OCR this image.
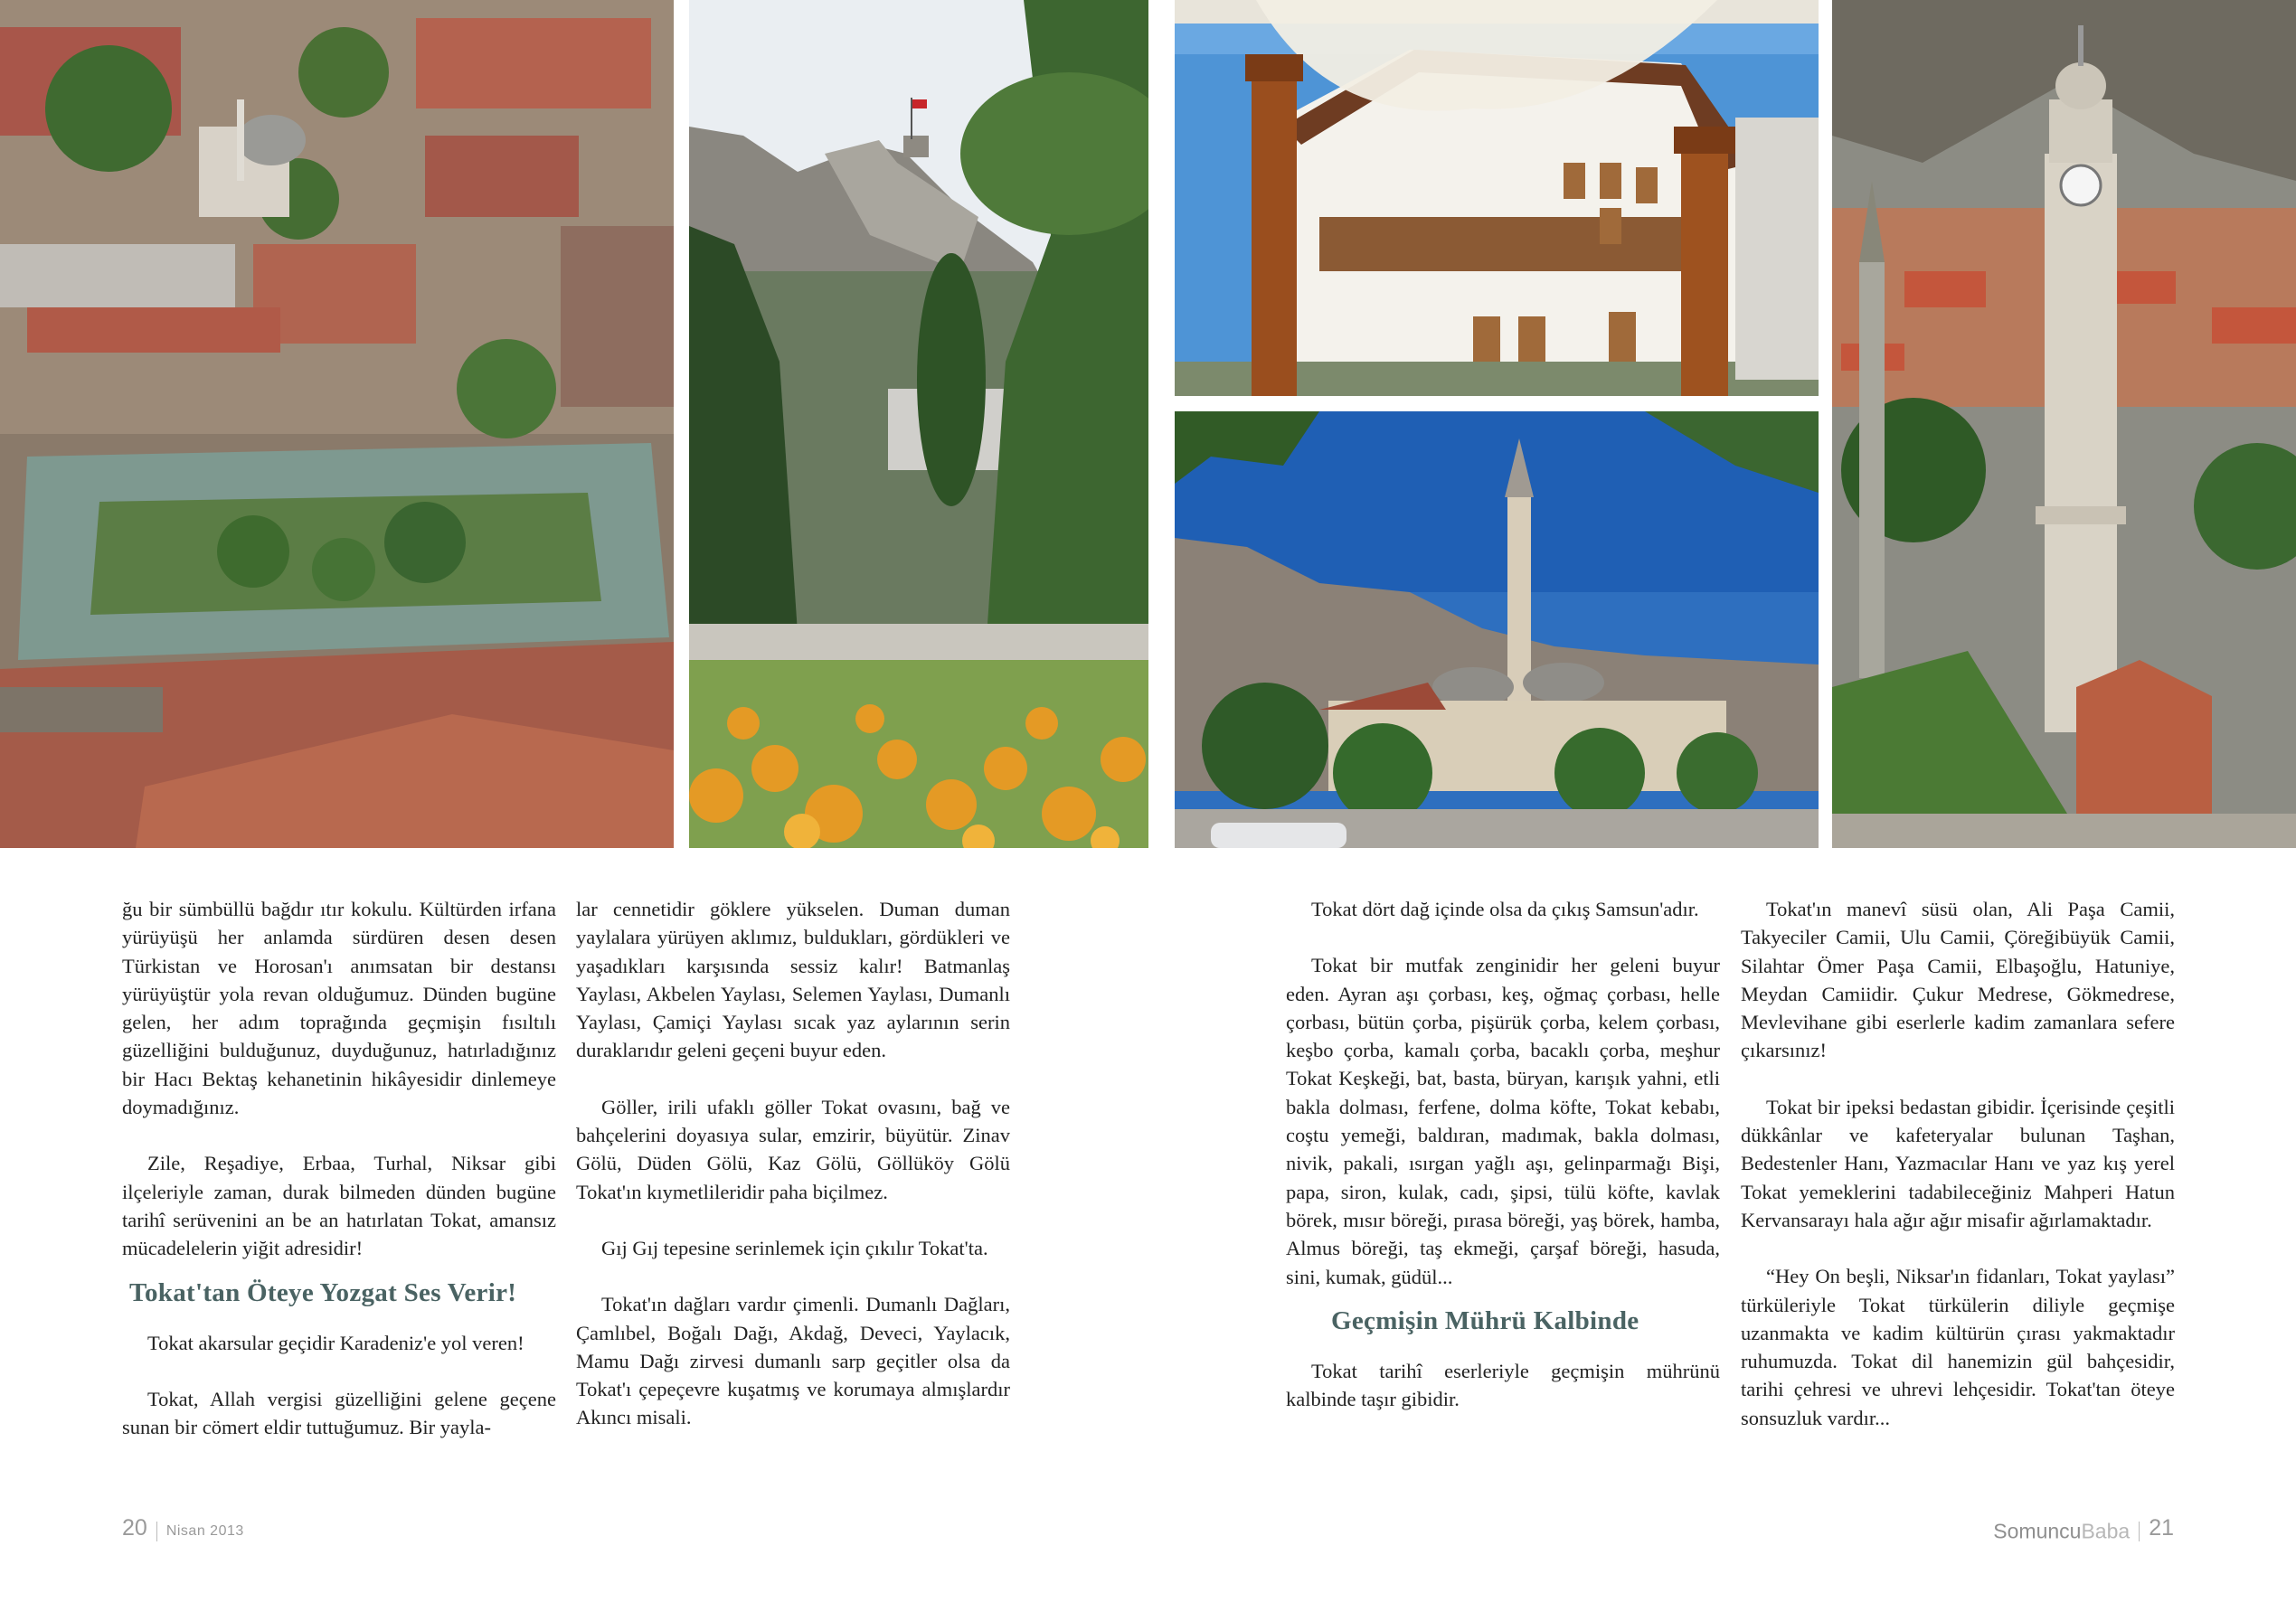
ğu bir sümbüllü bağdır ıtır kokulu. Kültürden irfana yürüyüşü her anlamda sürdüren desen desen Türkistan ve Horosan'ı anımsatan bir destansı yürüyüştür yola revan olduğumuz. Dünden bugüne gelen, her adım toprağında geçmişin fısıltılı güzelliğini bulduğunuz, duyduğunuz, hatırladığınız bir Hacı Bektaş kehanetinin hikâyesidir dinlemeye doymadığınız.

Zile, Reşadiye, Erbaa, Turhal, Niksar gibi ilçeleriyle zaman, durak bilmeden dünden bugüne tarihî serüvenini an be an hatırlatan Tokat, amansız mücadelelerin yiğit adresidir!

Tokat'tan Öteye Yozgat Ses Verir!

Tokat akarsular geçidir Karadeniz'e yol veren!

Tokat, Allah vergisi güzelliğini gelene geçene sunan bir cömert eldir tuttuğumuz. Bir yayla-

lar cennetidir göklere yükselen. Duman duman yaylalara yürüyen aklımız, buldukları, gördükleri ve yaşadıkları karşısında sessiz kalır! Batmanlaş Yaylası, Akbelen Yaylası, Selemen Yaylası, Dumanlı Yaylası, Çamiçi Yaylası sıcak yaz aylarının serin duraklarıdır geleni geçeni buyur eden.

Göller, irili ufaklı göller Tokat ovasını, bağ ve bahçelerini doyasıya sular, emzirir, büyütür. Zinav Gölü, Düden Gölü, Kaz Gölü, Göllüköy Gölü Tokat'ın kıymetlileridir paha biçilmez.

Gıj Gıj tepesine serinlemek için çıkılır Tokat'ta.

Tokat'ın dağları vardır çimenli. Dumanlı Dağları, Çamlıbel, Boğalı Dağı, Akdağ, Deveci, Yaylacık, Mamu Dağı zirvesi dumanlı sarp geçitler olsa da Tokat'ı çepeçevre kuşatmış ve korumaya almışlardır Akıncı misali.

Tokat dört dağ içinde olsa da çıkış Samsun'adır.

Tokat bir mutfak zenginidir her geleni buyur eden. Ayran aşı çorbası, keş, oğmaç çorbası, helle çorbası, bütün çorba, pişürük çorba, kelem çorbası, keşbo çorba, kamalı çorba, bacaklı çorba, meşhur Tokat Keşkeği, bat, basta, büryan, karışık yahni, etli bakla dolması, ferfene, dolma köfte, Tokat kebabı, coştu yemeği, baldıran, madımak, bakla dolması, nivik, pakali, ısırgan yağlı aşı, gelinparmağı Bişi, papa, siron, kulak, cadı, şipsi, tülü köfte, kavlak börek, mısır böreği, pırasa böreği, yaş börek, hamba, Almus böreği, taş ekmeği, çarşaf böreği, hasuda, sini, kumak, güdül...

Geçmişin Mührü Kalbinde

Tokat tarihî eserleriyle geçmişin mührünü kalbinde taşır gibidir.

Tokat'ın manevî süsü olan, Ali Paşa Camii, Takyeciler Camii, Ulu Camii, Çöreğibüyük Camii, Silahtar Ömer Paşa Camii, Elbaşoğlu, Hatuniye, Meydan Camiidir. Çukur Medrese, Gökmedrese, Mevlevihane gibi eserlerle kadim zamanlara sefere çıkarsınız!

Tokat bir ipeksi bedastan gibidir. İçerisinde çeşitli dükkânlar ve kafeteryalar bulunan Taşhan, Bedestenler Hanı, Yazmacılar Hanı ve yaz kış yerel Tokat yemeklerini tadabileceğiniz Mahperi Hatun Kervansarayı hala ağır ağır misafir ağırlamaktadır.

“Hey On beşli, Niksar'ın fidanları, Tokat yaylası” türküleriyle Tokat türkülerin diliyle geçmişe uzanmakta ve kadim kültürün çırası yakmaktadır ruhumuzda. Tokat dil hanemizin gül bahçesidir, tarihi çehresi ve uhrevi lehçesidir. Tokat'tan öteye sonsuzluk vardır...

20 Nisan 2013	SomuncuBaba 21
